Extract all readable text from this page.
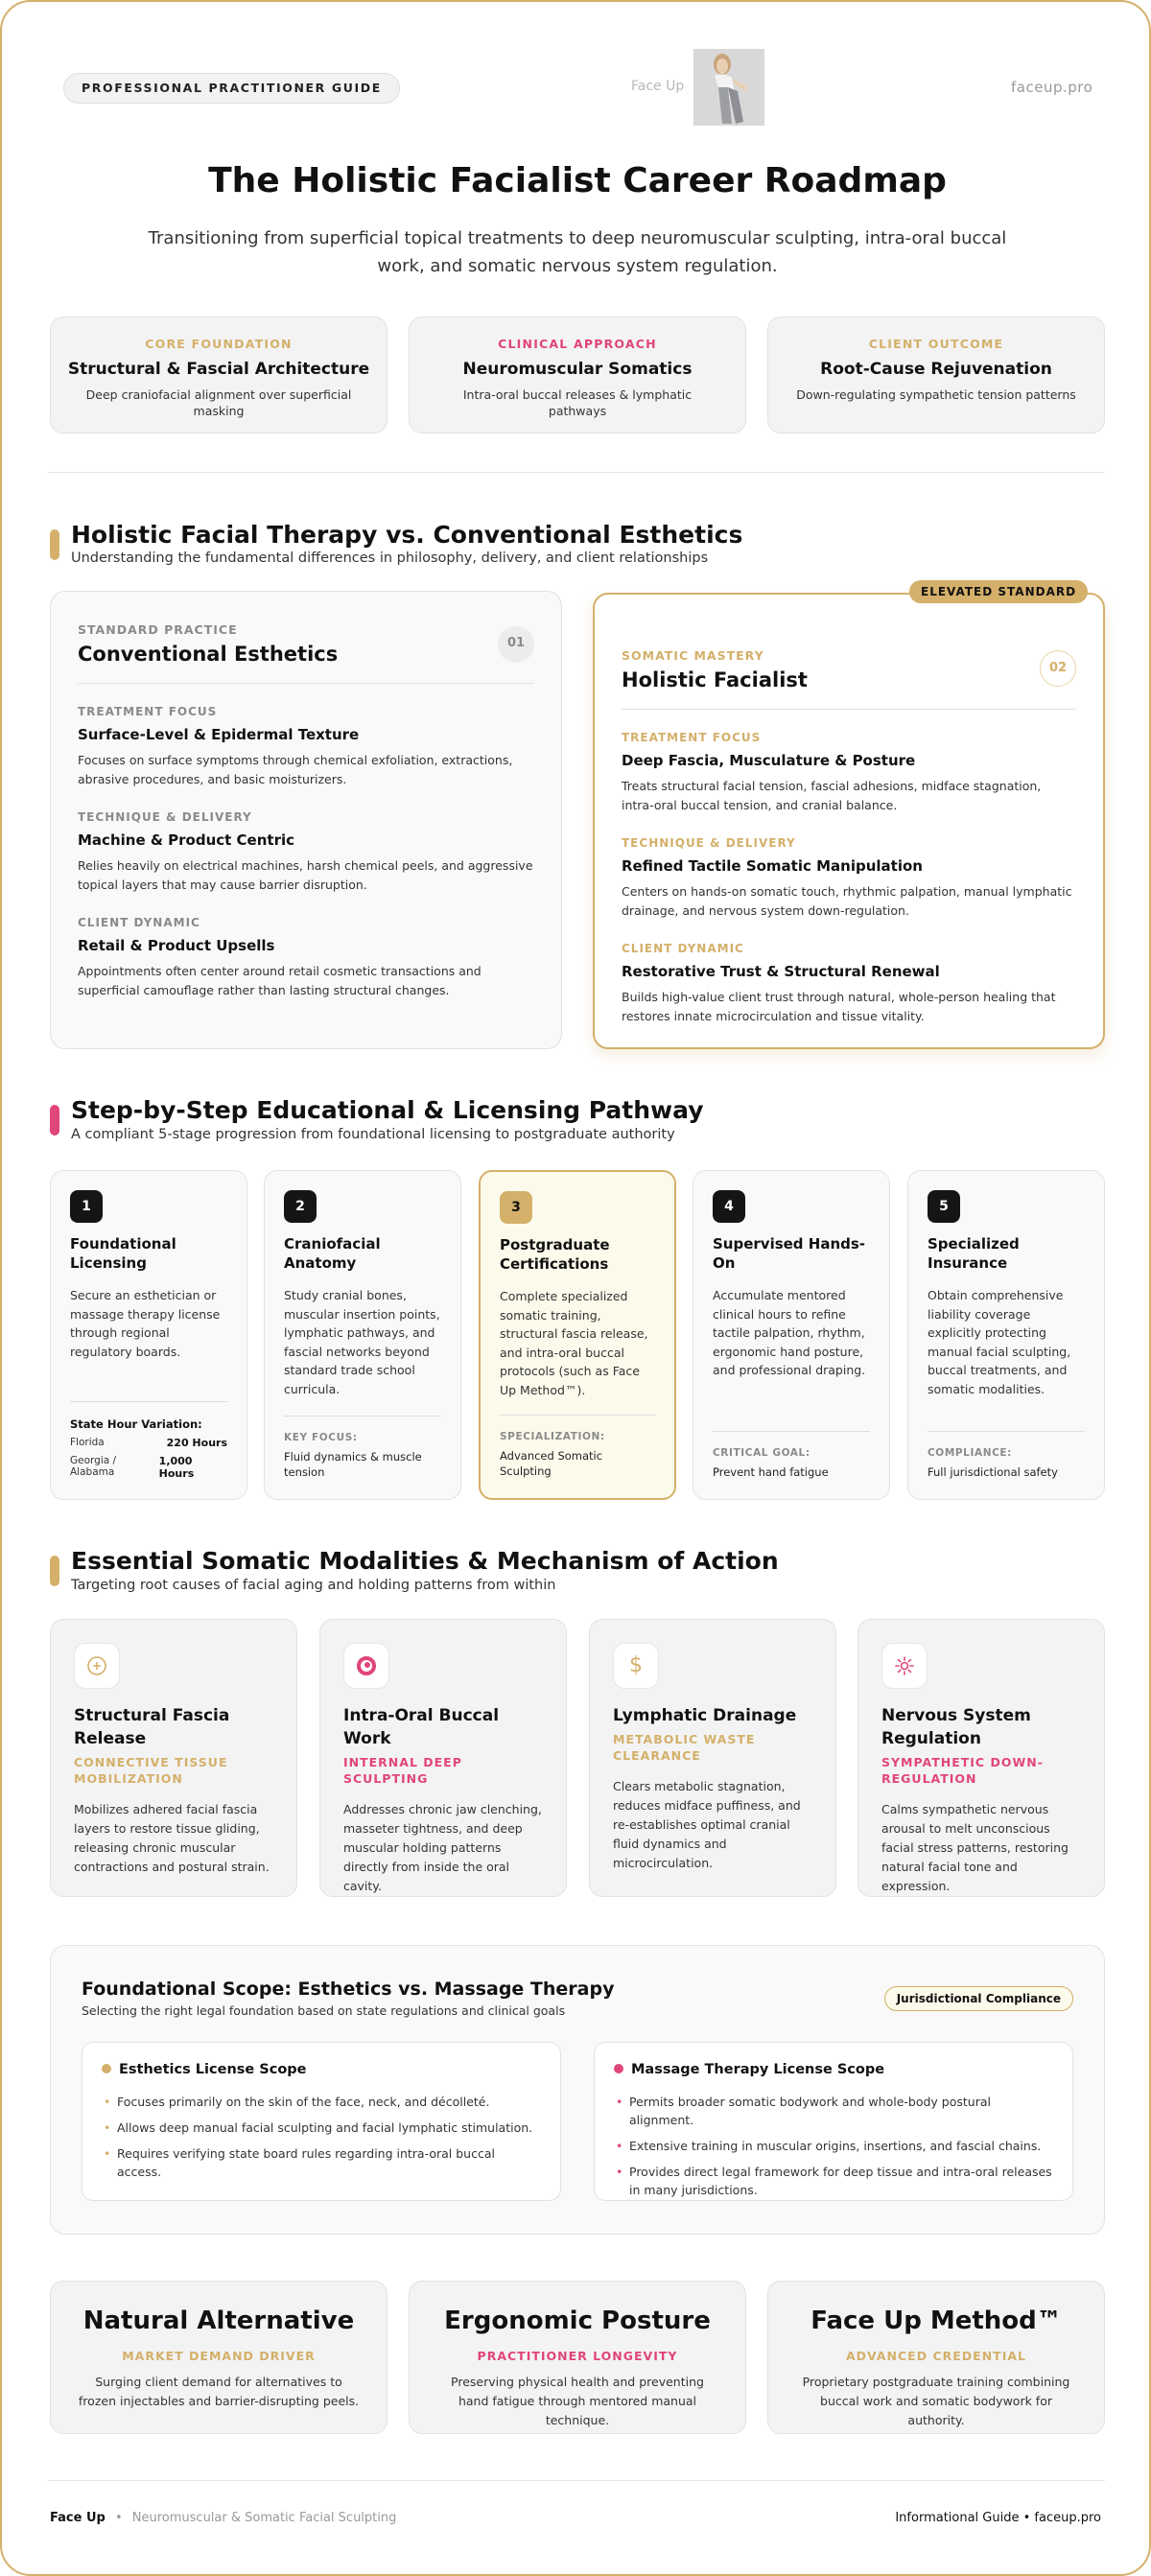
PROFESSIONAL PRACTITIONER GUIDE	Face Up	faceup.pro
The Holistic Facialist Career Roadmap

Transitioning from superficial topical treatments to deep neuromuscular sculpting, intra-oral buccal work, and somatic nervous system regulation.

CORE FOUNDATION
Structural & Fascial Architecture
Deep craniofacial alignment over superficial masking
CLINICAL APPROACH
Neuromuscular Somatics
Intra-oral buccal releases & lymphatic pathways
CLIENT OUTCOME
Root-Cause Rejuvenation
Down-regulating sympathetic tension patterns
Holistic Facial Therapy vs. Conventional Esthetics

Understanding the fundamental differences in philosophy, delivery, and client relationships

01
STANDARD PRACTICE
Conventional Esthetics
TREATMENT FOCUS
Surface-Level & Epidermal Texture
Focuses on surface symptoms through chemical exfoliation, extractions, abrasive procedures, and basic moisturizers.
TECHNIQUE & DELIVERY
Machine & Product Centric
Relies heavily on electrical machines, harsh chemical peels, and aggressive topical layers that may cause barrier disruption.
CLIENT DYNAMIC
Retail & Product Upsells
Appointments often center around retail cosmetic transactions and superficial camouflage rather than lasting structural changes.
02
SOMATIC MASTERY
Holistic Facialist
TREATMENT FOCUS
Deep Fascia, Musculature & Posture
Treats structural facial tension, fascial adhesions, midface stagnation, intra-oral buccal tension, and cranial balance.
TECHNIQUE & DELIVERY
Refined Tactile Somatic Manipulation
Centers on hands-on somatic touch, rhythmic palpation, manual lymphatic drainage, and nervous system down-regulation.
CLIENT DYNAMIC
Restorative Trust & Structural Renewal
Builds high-value client trust through natural, whole-person healing that restores innate microcirculation and tissue vitality.
ELEVATED STANDARD
Step-by-Step Educational & Licensing Pathway

A compliant 5-stage progression from foundational licensing to postgraduate authority

1
Foundational Licensing
Secure an esthetician or massage therapy license through regional regulatory boards.
State Hour Variation:
Florida	220 Hours
Georgia / Alabama
1,000 Hours
2
Craniofacial Anatomy
Study cranial bones, muscular insertion points, lymphatic pathways, and fascial networks beyond standard trade school curricula.
KEY FOCUS:
Fluid dynamics & muscle tension
3
Postgraduate Certifications
Complete specialized somatic training, structural fascia release, and intra-oral buccal protocols (such as Face Up Method™).
SPECIALIZATION:
Advanced Somatic Sculpting
4
Supervised Hands-On
Accumulate mentored clinical hours to refine tactile palpation, rhythm, ergonomic hand posture, and professional draping.
CRITICAL GOAL:
Prevent hand fatigue
5
Specialized Insurance
Obtain comprehensive liability coverage explicitly protecting manual facial sculpting, buccal treatments, and somatic modalities.
COMPLIANCE:
Full jurisdictional safety
Essential Somatic Modalities & Mechanism of Action

Targeting root causes of facial aging and holding patterns from within

Structural Fascia Release
CONNECTIVE TISSUE MOBILIZATION
Mobilizes adhered facial fascia layers to restore tissue gliding, releasing chronic muscular contractions and postural strain.
Intra-Oral Buccal Work
INTERNAL DEEP SCULPTING
Addresses chronic jaw clenching, masseter tightness, and deep muscular holding patterns directly from inside the oral cavity.
$
Lymphatic Drainage
METABOLIC WASTE CLEARANCE
Clears metabolic stagnation, reduces midface puffiness, and re-establishes optimal cranial fluid dynamics and microcirculation.
Nervous System Regulation
SYMPATHETIC DOWN-REGULATION
Calms sympathetic nervous arousal to melt unconscious facial stress patterns, restoring natural facial tone and expression.
Foundational Scope: Esthetics vs. Massage Therapy

Selecting the right legal foundation based on state regulations and clinical goals

Jurisdictional Compliance
Esthetics License Scope
• Focuses primarily on the skin of the face, neck, and décolleté.
• Allows deep manual facial sculpting and facial lymphatic stimulation.
• Requires verifying state board rules regarding intra-oral buccal access.
Massage Therapy License Scope
• Permits broader somatic bodywork and whole-body postural alignment.
• Extensive training in muscular origins, insertions, and fascial chains.
• Provides direct legal framework for deep tissue and intra-oral releases in many jurisdictions.
Natural Alternative
MARKET DEMAND DRIVER
Surging client demand for alternatives to frozen injectables and barrier-disrupting peels.
Ergonomic Posture
PRACTITIONER LONGEVITY
Preserving physical health and preventing hand fatigue through mentored manual technique.
Face Up Method™
ADVANCED CREDENTIAL
Proprietary postgraduate training combining buccal work and somatic bodywork for authority.
Face Up • Neuromuscular & Somatic Facial Sculpting	Informational Guide • faceup.pro
